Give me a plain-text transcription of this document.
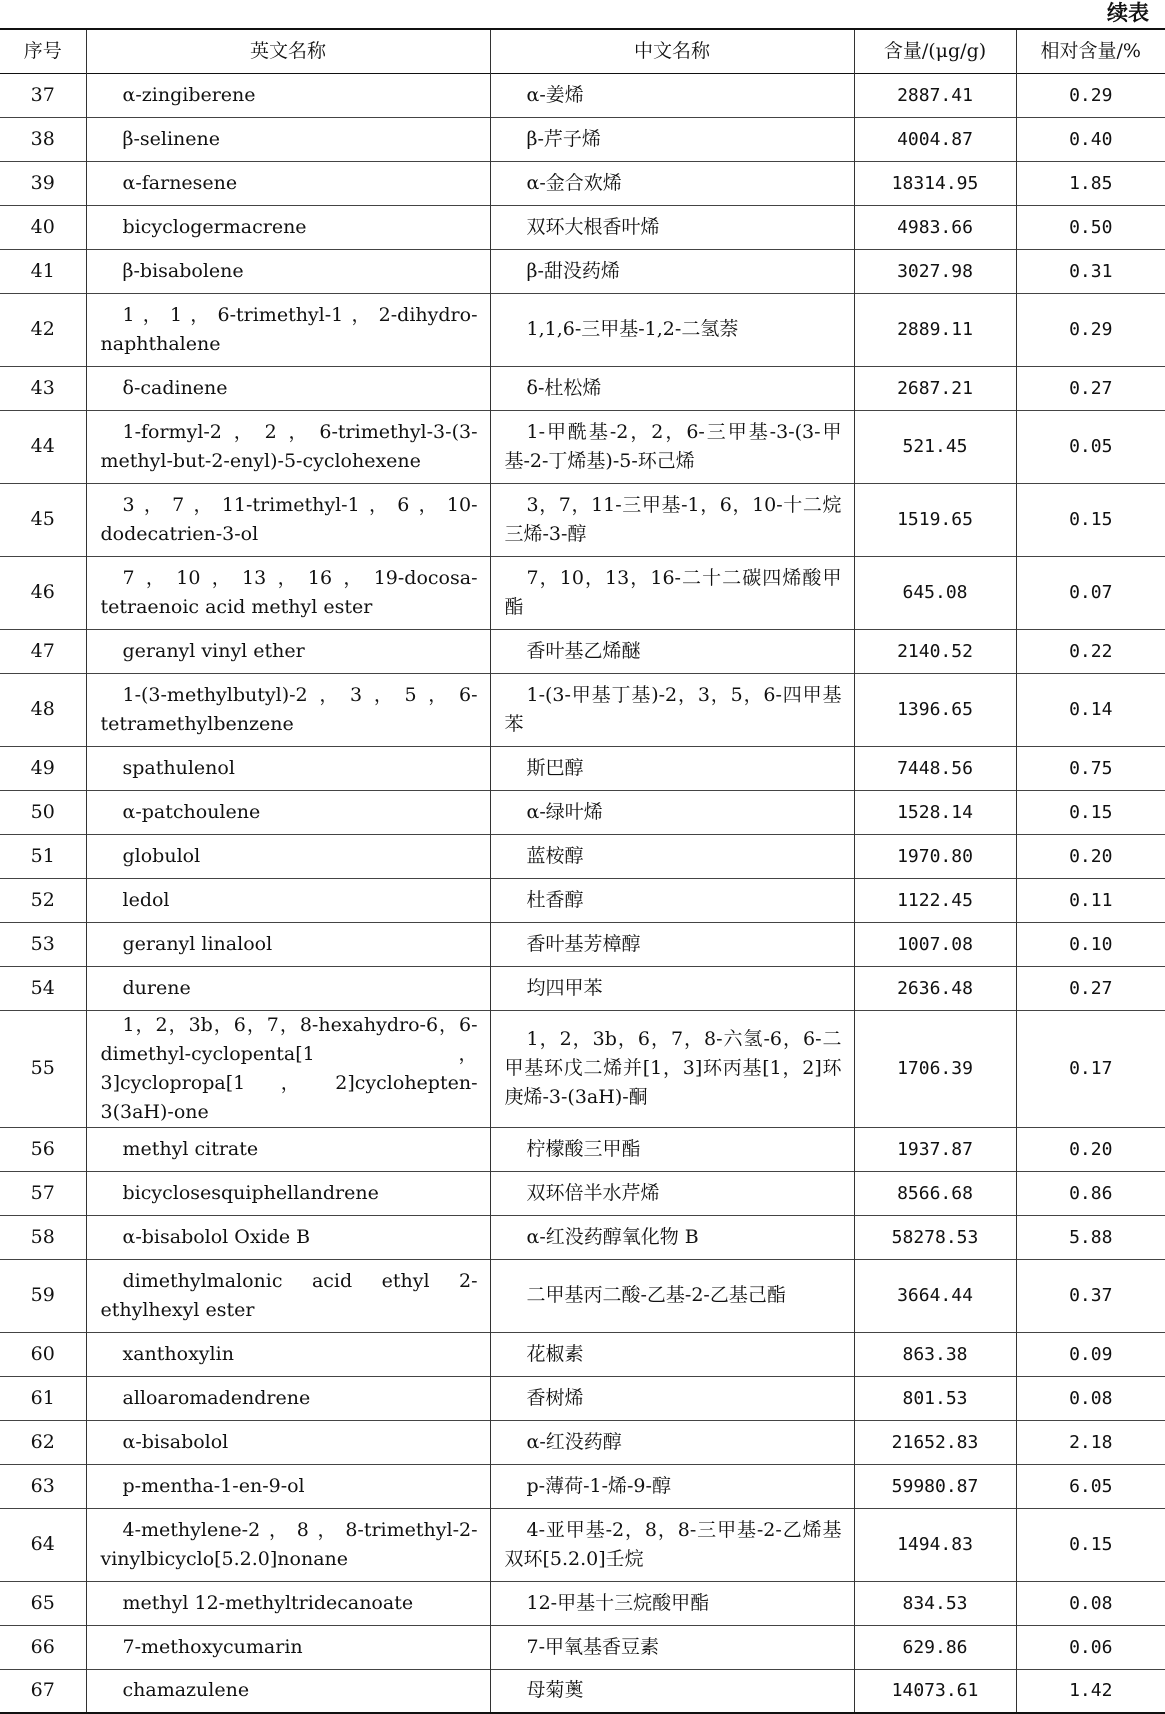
续表
序号	英文名称	中文名称	含量/(μg/g)	相对含量/%
37	α-zingiberene	α-姜烯	2887.41	0.29
38	β-selinene	β-芹子烯	4004.87	0.40
39	α-farnesene	α-金合欢烯	18314.95	1.85
40	bicyclogermacrene	双环大根香叶烯	4983.66	0.50
41	β-bisabolene	β-甜没药烯	3027.98	0.31
42	1，1，6-trimethyl-1，2-dihydro-naphthalene	1,1,6-三甲基-1,2-二氢萘	2889.11	0.29
43	δ-cadinene	δ-杜松烯	2687.21	0.27
44	1-formyl-2，2，6-trimethyl-3-(3-methyl-but-2-enyl)-5-cyclohexene	1-甲酰基-2，2，6-三甲基-3-(3-甲基-2-丁烯基)-5-环己烯	521.45	0.05
45	3，7，11-trimethyl-1，6，10-dodecatrien-3-ol	3，7，11-三甲基-1，6，10-十二烷三烯-3-醇	1519.65	0.15
46	7，10，13，16，19-docosa-tetraenoic acid methyl ester	7，10，13，16-二十二碳四烯酸甲酯	645.08	0.07
47	geranyl vinyl ether	香叶基乙烯醚	2140.52	0.22
48	1-(3-methylbutyl)-2，3，5，6-tetramethylbenzene	1-(3-甲基丁基)-2，3，5，6-四甲基苯	1396.65	0.14
49	spathulenol	斯巴醇	7448.56	0.75
50	α-patchoulene	α-绿叶烯	1528.14	0.15
51	globulol	蓝桉醇	1970.80	0.20
52	ledol	杜香醇	1122.45	0.11
53	geranyl linalool	香叶基芳樟醇	1007.08	0.10
54	durene	均四甲苯	2636.48	0.27
55	1，2，3b，6，7，8-hexahydro-6，6-dimethyl-cyclopenta[1，3]cyclopropa[1，2]cyclohepten-3(3aH)-one	1，2，3b，6，7，8-六氢-6，6-二甲基环戊二烯并[1，3]环丙基[1，2]环庚烯-3-(3aH)-酮	1706.39	0.17
56	methyl citrate	柠檬酸三甲酯	1937.87	0.20
57	bicyclosesquiphellandrene	双环倍半水芹烯	8566.68	0.86
58	α-bisabolol Oxide B	α-红没药醇氧化物 B	58278.53	5.88
59	dimethylmalonic acid ethyl 2-ethylhexyl ester	二甲基丙二酸-乙基-2-乙基己酯	3664.44	0.37
60	xanthoxylin	花椒素	863.38	0.09
61	alloaromadendrene	香树烯	801.53	0.08
62	α-bisabolol	α-红没药醇	21652.83	2.18
63	p-mentha-1-en-9-ol	p-薄荷-1-烯-9-醇	59980.87	6.05
64	4-methylene-2，8，8-trimethyl-2-vinylbicyclo[5.2.0]nonane	4-亚甲基-2，8，8-三甲基-2-乙烯基双环[5.2.0]壬烷	1494.83	0.15
65	methyl 12-methyltridecanoate	12-甲基十三烷酸甲酯	834.53	0.08
66	7-methoxycumarin	7-甲氧基香豆素	629.86	0.06
67	chamazulene	母菊薁	14073.61	1.42
